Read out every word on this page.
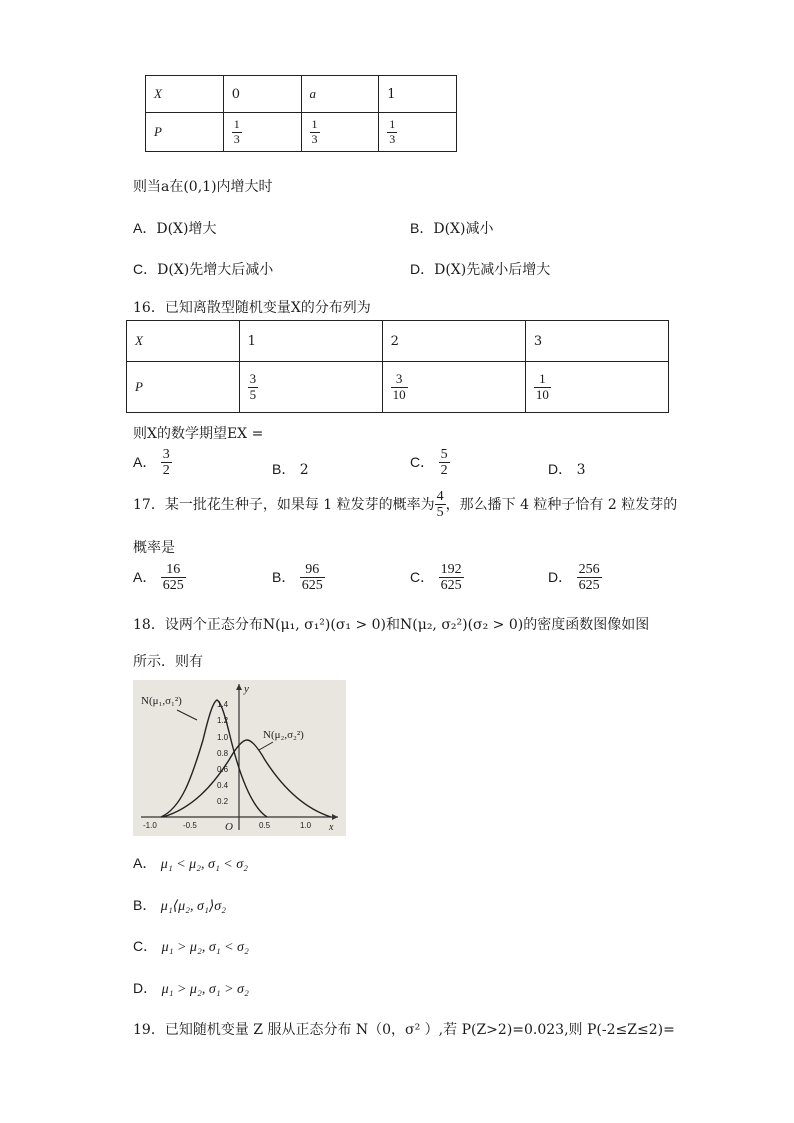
X	0	a	1
P	$\frac{1}{3}$	$\frac{1}{3}$	$\frac{1}{3}$
则当a在(0,1)内增大时
A．D(X)增大	B．D(X)减小
C．D(X)先增大后减小	D．D(X)先减小后增大
16．已知离散型随机变量X的分布列为
X	1	2	3
P	$\frac{3}{5}$	$\frac{3}{10}$	$\frac{1}{10}$
则X的数学期望EX =
A． $\frac{3}{2}$	B． 2
C． $\frac{5}{2}$	D． 3
17．某一批花生种子，如果每 1 粒发芽的概率为 $\frac{4}{5}$ ，那么播下 4 粒种子恰有 2 粒发芽的
概率是
A． $\frac{16}{625}$	B． $\frac{96}{625}$	C． $\frac{192}{625}$	D． $\frac{256}{625}$
18．设两个正态分布N(μ₁, σ₁²)(σ₁ > 0)和N(μ₂, σ₂²)(σ₂ > 0)的密度函数图像如图
所示．则有
N(μ₁,σ₁²)
N(μ₂,σ₂²)
y
x
O
1.4
1.2
1.0
0.8
0.6
0.4
0.2
-1.0	-0.5	0.5	1.0
A． μ₁ < μ₂, σ₁ < σ₂
B． μ₁⟨μ₂, σ₁⟩σ₂
C． μ₁ > μ₂, σ₁ < σ₂
D． μ₁ > μ₂, σ₁ > σ₂
19．已知随机变量 Z 服从正态分布 N（0，σ² ）,若 P(Z>2)=0.023,则 P(-2≤Z≤2)=
